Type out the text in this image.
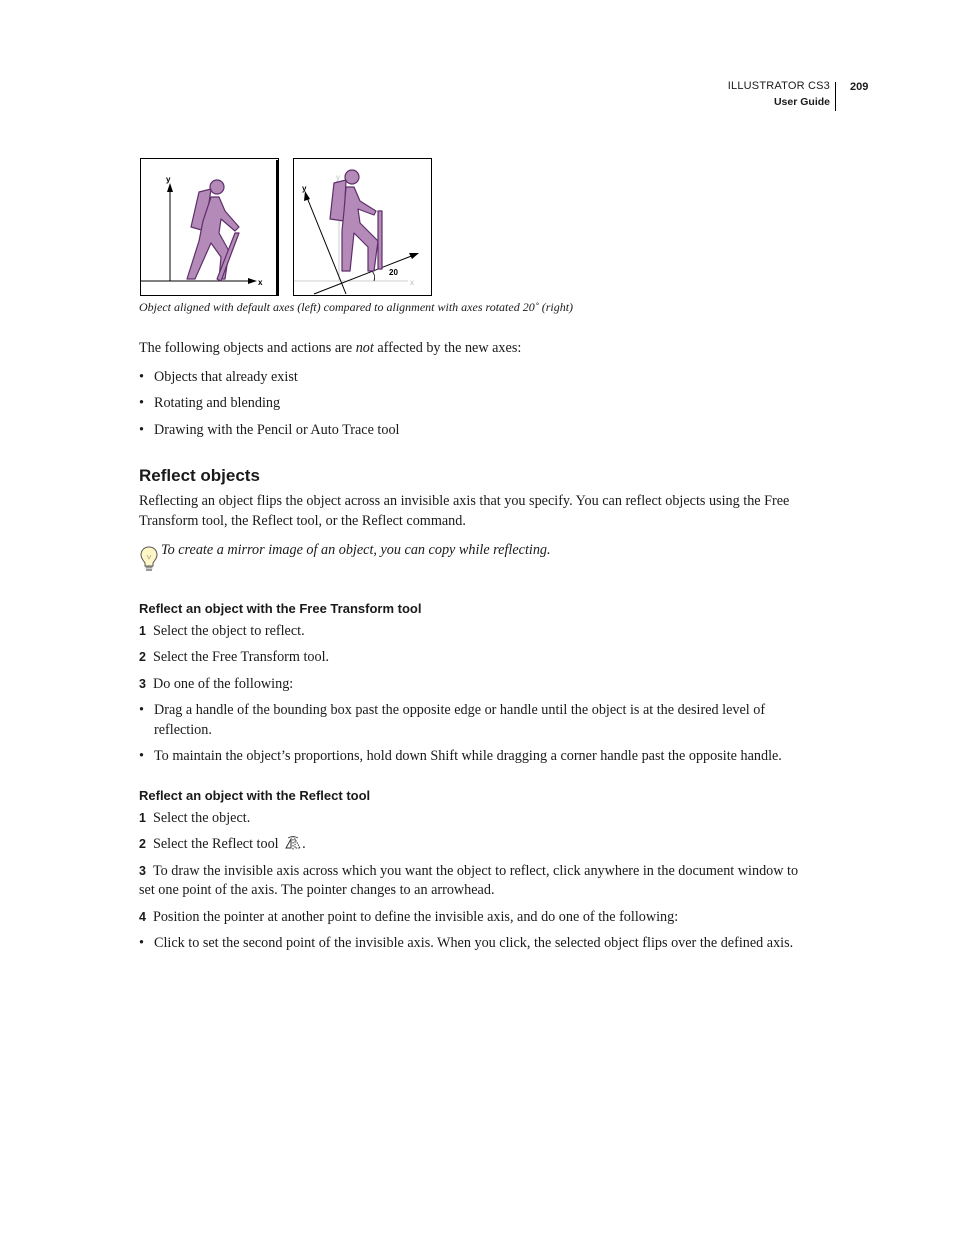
ILLUSTRATOR CS3
User Guide
209
y
x
y
x
y
20
Object aligned with default axes (left) compared to alignment with axes rotated 20˚ (right)
The following objects and actions are not affected by the new axes:
• Objects that already exist
• Rotating and blending
• Drawing with the Pencil or Auto Trace tool
Reflect objects
Reflecting an object flips the object across an invisible axis that you specify. You can reflect objects using the Free
Transform tool, the Reflect tool, or the Reflect command.
To create a mirror image of an object, you can copy while reflecting.
Reflect an object with the Free Transform tool
1 Select the object to reflect.
2 Select the Free Transform tool.
3 Do one of the following:
• Drag a handle of the bounding box past the opposite edge or handle until the object is at the desired level of
reflection.
• To maintain the object’s proportions, hold down Shift while dragging a corner handle past the opposite handle.
Reflect an object with the Reflect tool
1 Select the object.
2 Select the Reflect tool .
3 To draw the invisible axis across which you want the object to reflect, click anywhere in the document window to
set one point of the axis. The pointer changes to an arrowhead.
4 Position the pointer at another point to define the invisible axis, and do one of the following:
• Click to set the second point of the invisible axis. When you click, the selected object flips over the defined axis.
